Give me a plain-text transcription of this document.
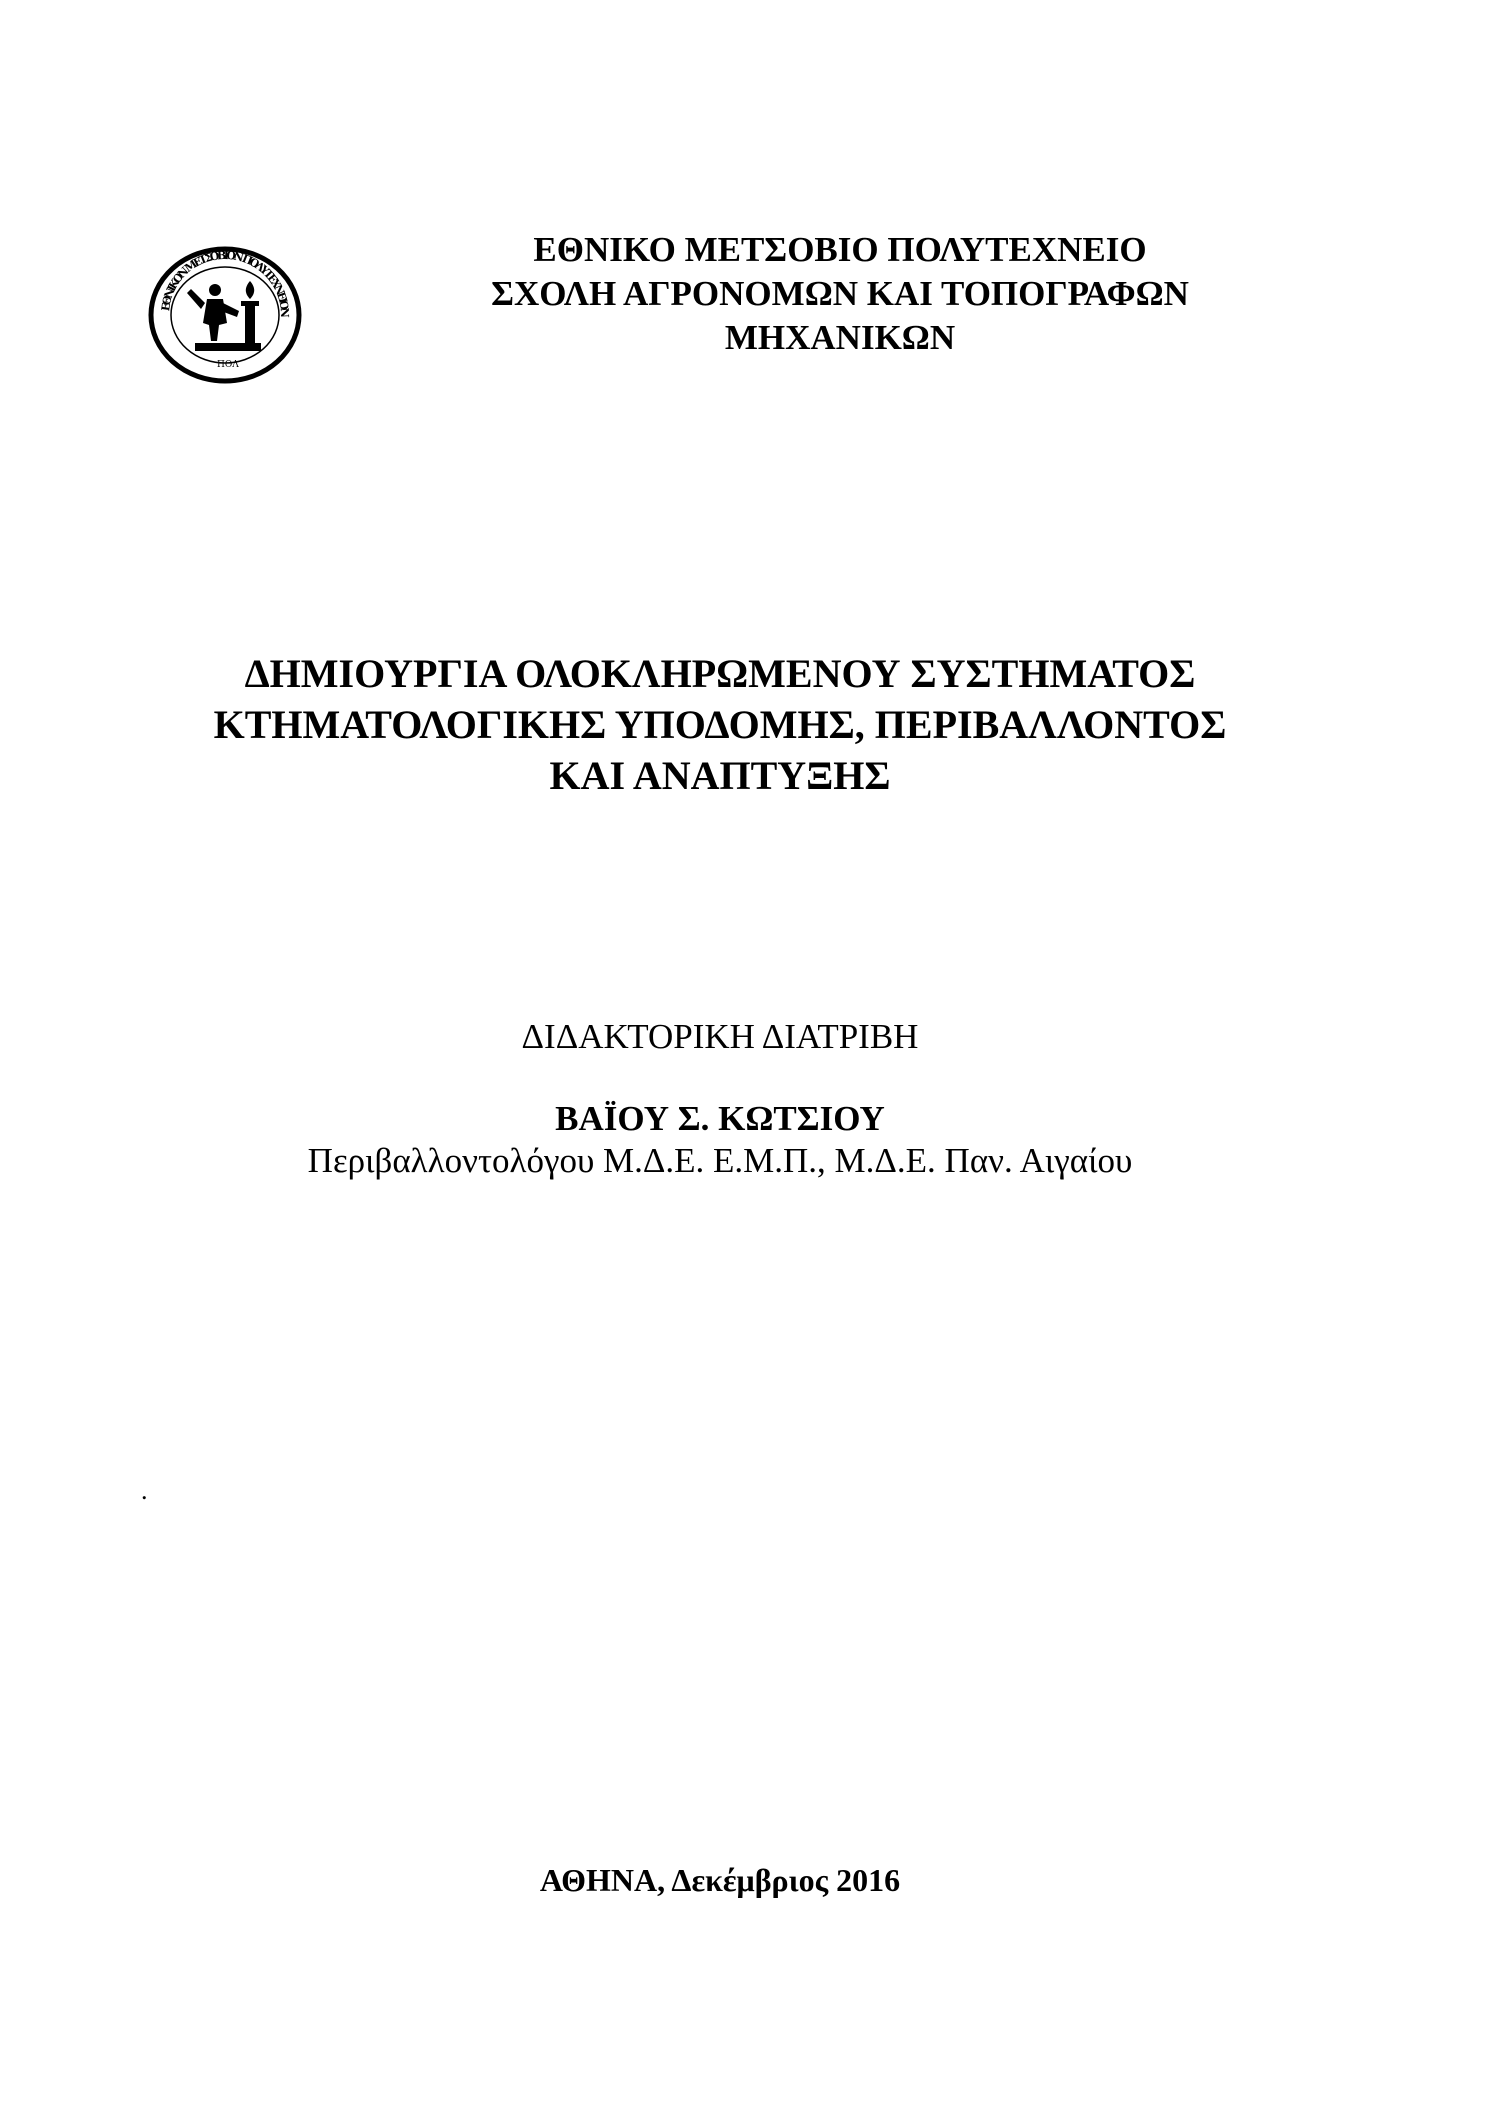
ΕΘΝΙΚΟΝ ΜΕΤΣΟΒΙΟΝ ΠΟΛΥΤΕΧΝΕΙΟΝ
ΠΟΛ
ΕΘΝΙΚΟ ΜΕΤΣΟΒΙΟ ΠΟΛΥΤΕΧΝΕΙΟ
ΣΧΟΛΗ ΑΓΡΟΝΟΜΩΝ ΚΑΙ ΤΟΠΟΓΡΑΦΩΝ
ΜΗΧΑΝΙΚΩΝ
ΔΗΜΙΟΥΡΓΙΑ ΟΛΟΚΛΗΡΩΜΕΝΟΥ ΣΥΣΤΗΜΑΤΟΣ
ΚΤΗΜΑΤΟΛΟΓΙΚΗΣ ΥΠΟΔΟΜΗΣ, ΠΕΡΙΒΑΛΛΟΝΤΟΣ
ΚΑΙ ΑΝΑΠΤΥΞΗΣ
ΔΙΔΑΚΤΟΡΙΚΗ ΔΙΑΤΡΙΒΗ
ΒΑΪΟΥ Σ. ΚΩΤΣΙΟΥ
Περιβαλλοντολόγου Μ.Δ.Ε. Ε.Μ.Π., Μ.Δ.Ε. Παν. Αιγαίου
.
ΑΘΗΝΑ, Δεκέμβριος 2016
